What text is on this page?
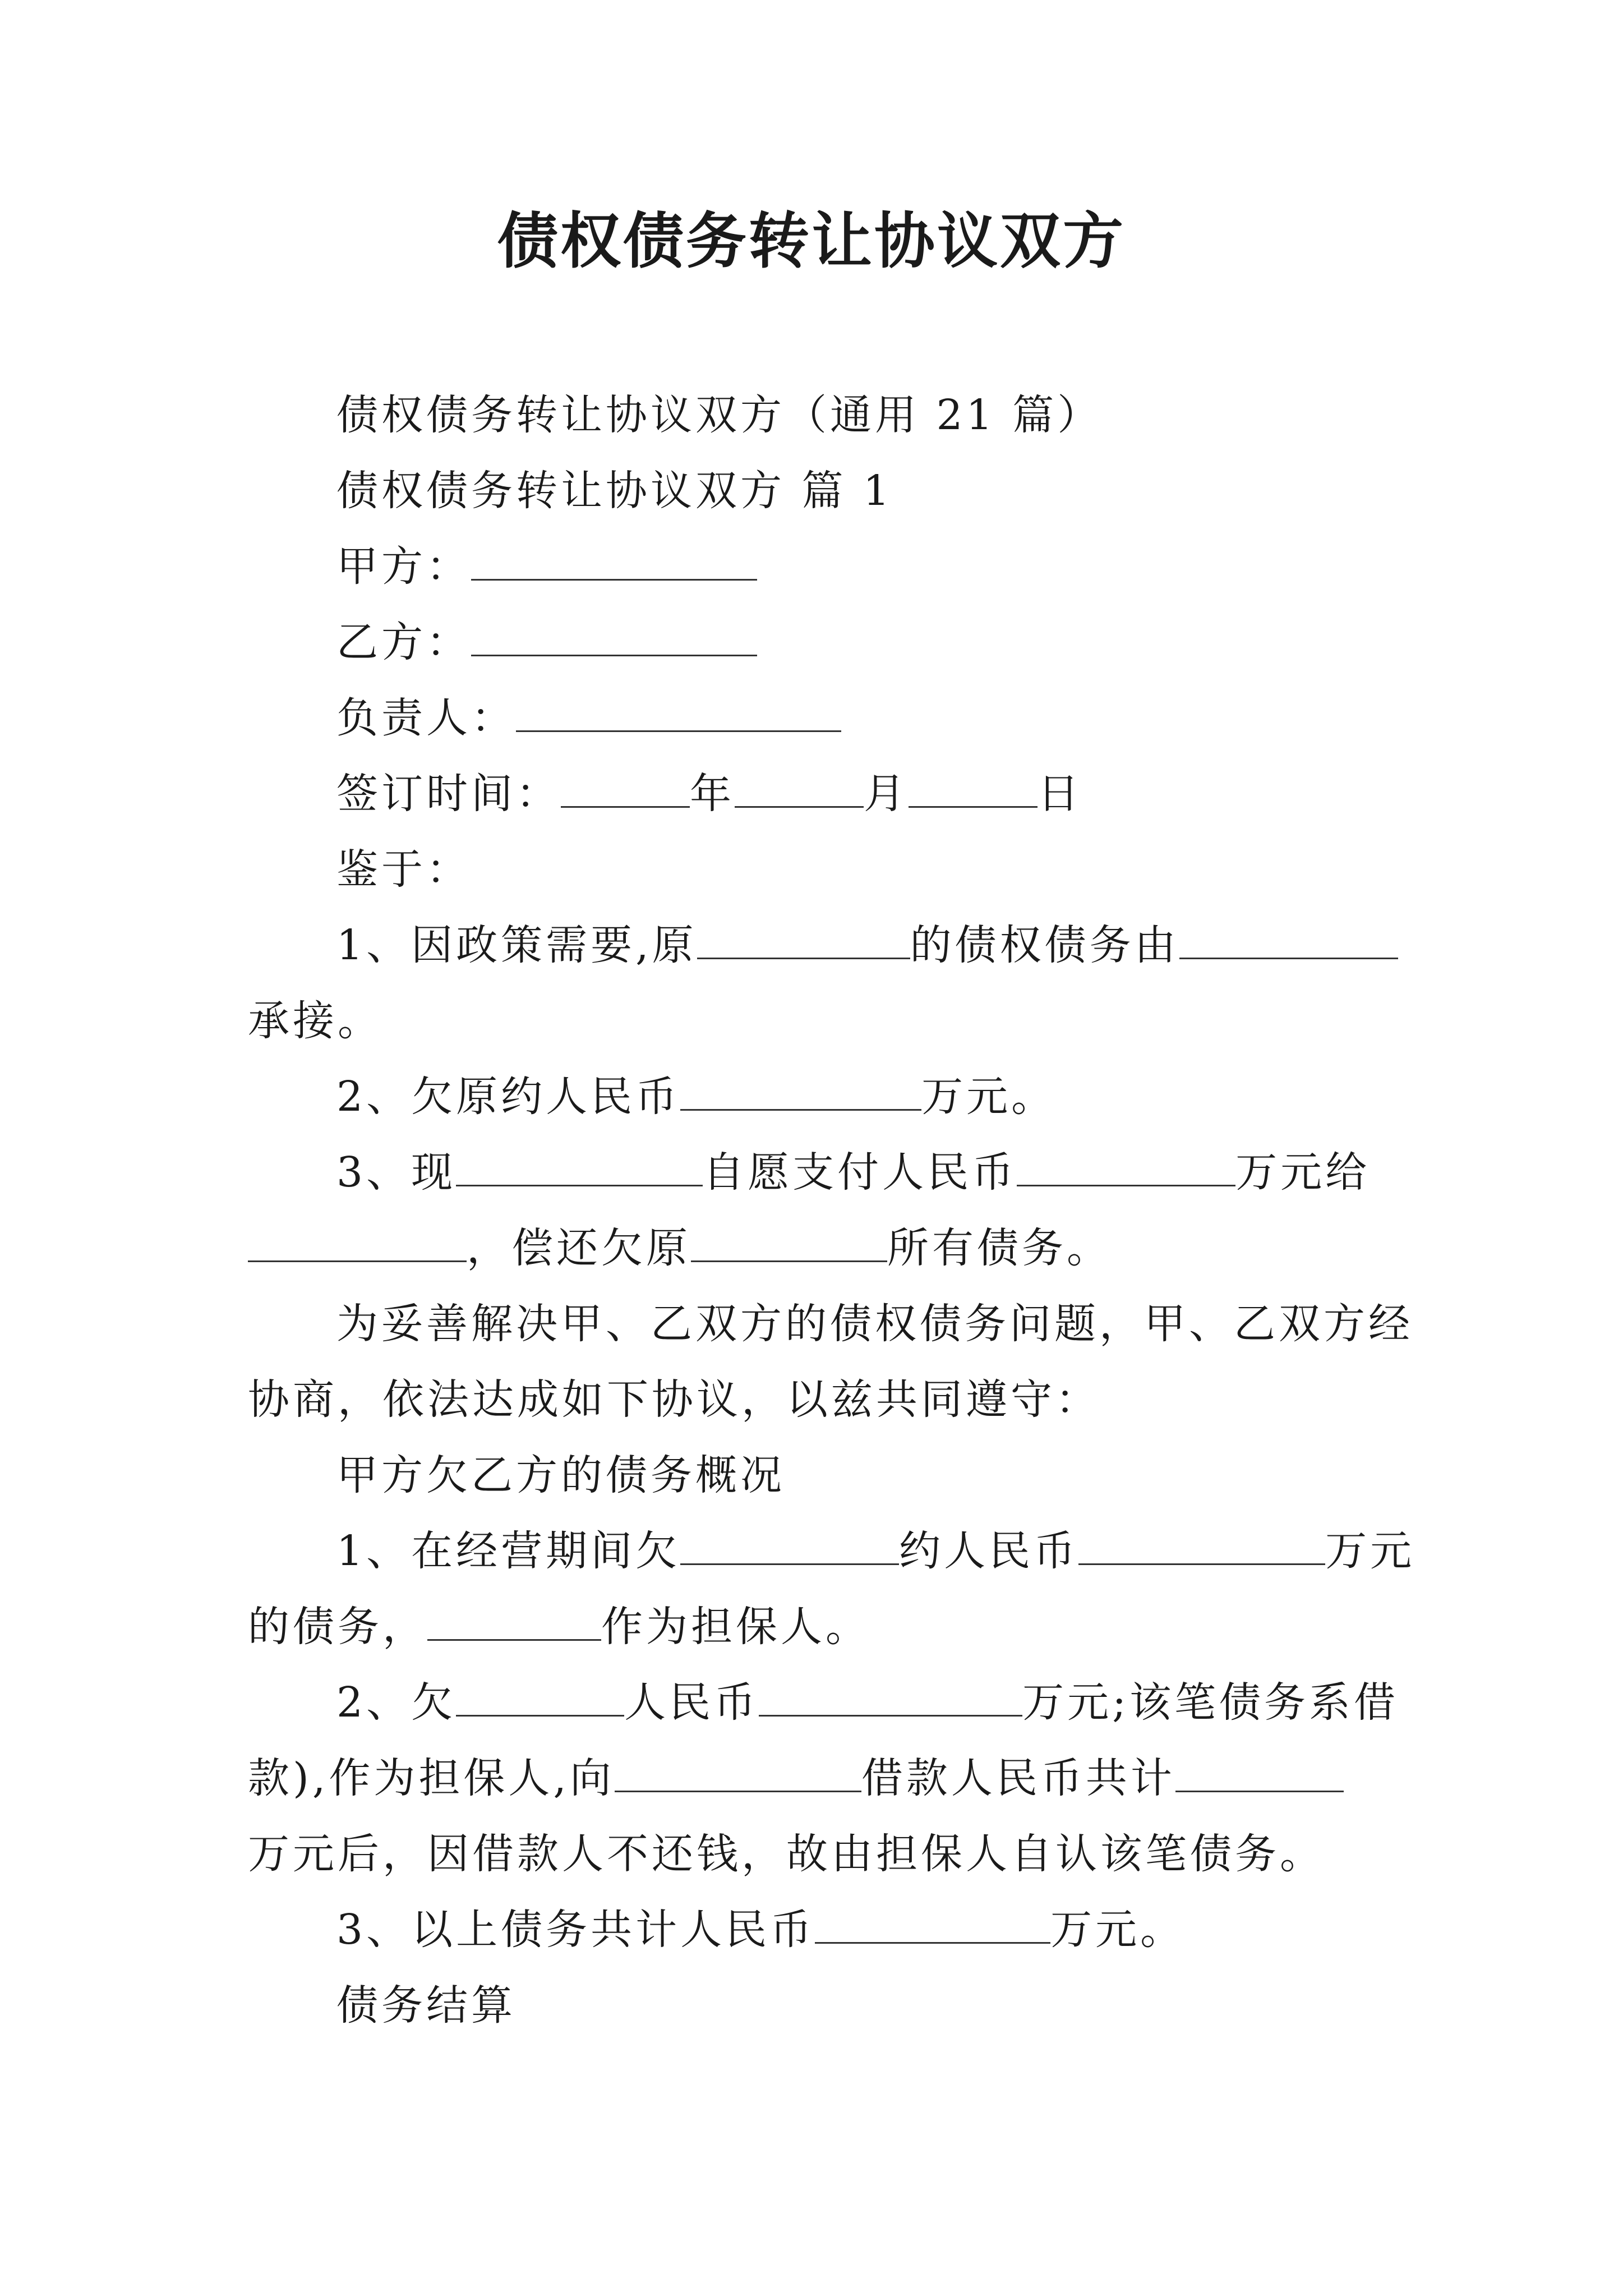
债权债务转让协议双方
债权债务转让协议双方（通用 21 篇）
债权债务转让协议双方 篇 1
甲方：
乙方：
负责人：
签订时间：	年	月	日
鉴于：
1、因政策需要,原	的债权债务由
承接。
2、欠原约人民币	万元。
3、现	自愿支付人民币	万元给
，偿还欠原	所有债务。
为妥善解决甲、乙双方的债权债务问题，甲、乙双方经
协商，依法达成如下协议，以兹共同遵守：
甲方欠乙方的债务概况
1、在经营期间欠	约人民币	万元
的债务，	作为担保人。
2、欠	人民币	万元;该笔债务系借
款),作为担保人,向	借款人民币共计
万元后，因借款人不还钱，故由担保人自认该笔债务。
3、以上债务共计人民币	万元。
债务结算
